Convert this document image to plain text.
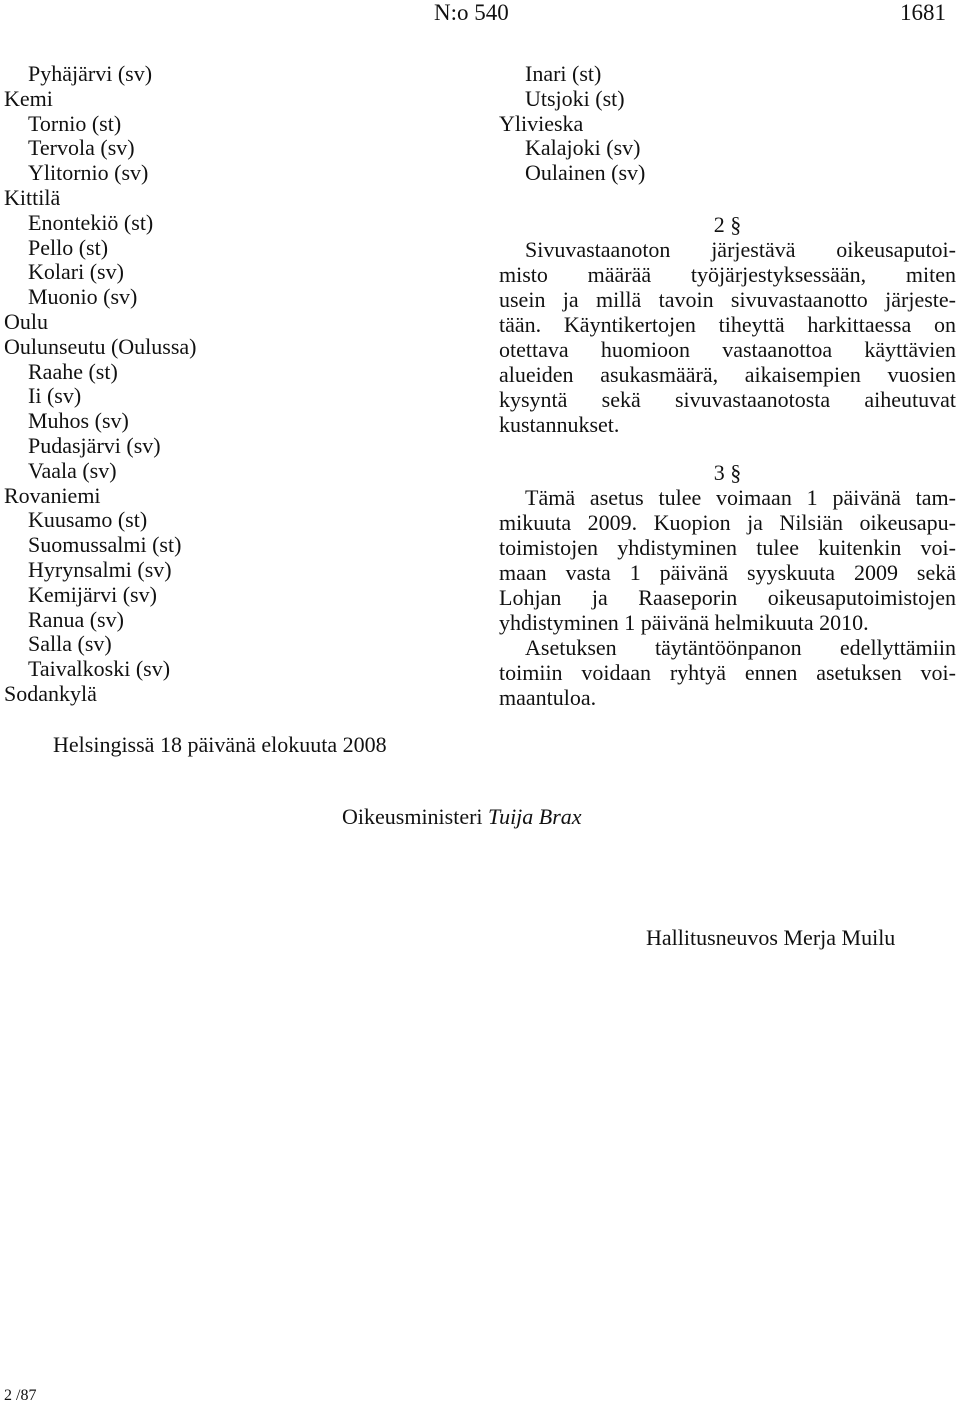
N:o 540	1681
Pyhäjärvi (sv)
Kemi
Tornio (st)
Tervola (sv)
Ylitornio (sv)
Kittilä
Enontekiö (st)
Pello (st)
Kolari (sv)
Muonio (sv)
Oulu
Oulunseutu (Oulussa)
Raahe (st)
Ii (sv)
Muhos (sv)
Pudasjärvi (sv)
Vaala (sv)
Rovaniemi
Kuusamo (st)
Suomussalmi (st)
Hyrynsalmi (sv)
Kemijärvi (sv)
Ranua (sv)
Salla (sv)
Taivalkoski (sv)
Sodankylä
Inari (st)
Utsjoki (st)
Ylivieska
Kalajoki (sv)
Oulainen (sv)
2 §
Sivuvastaanoton järjestävä oikeusaputoi-
misto määrää työjärjestyksessään, miten
usein ja millä tavoin sivuvastaanotto järjeste-
tään. Käyntikertojen tiheyttä harkittaessa on
otettava huomioon vastaanottoa käyttävien
alueiden asukasmäärä, aikaisempien vuosien
kysyntä sekä sivuvastaanotosta aiheutuvat
kustannukset.
3 §
Tämä asetus tulee voimaan 1 päivänä tam-
mikuuta 2009. Kuopion ja Nilsiän oikeusapu-
toimistojen yhdistyminen tulee kuitenkin voi-
maan vasta 1 päivänä syyskuuta 2009 sekä
Lohjan ja Raaseporin oikeusaputoimistojen
yhdistyminen 1 päivänä helmikuuta 2010.
Asetuksen täytäntöönpanon edellyttämiin
toimiin voidaan ryhtyä ennen asetuksen voi-
maantuloa.
Helsingissä 18 päivänä elokuuta 2008
Oikeusministeri Tuija Brax
Hallitusneuvos Merja Muilu
2 /87
